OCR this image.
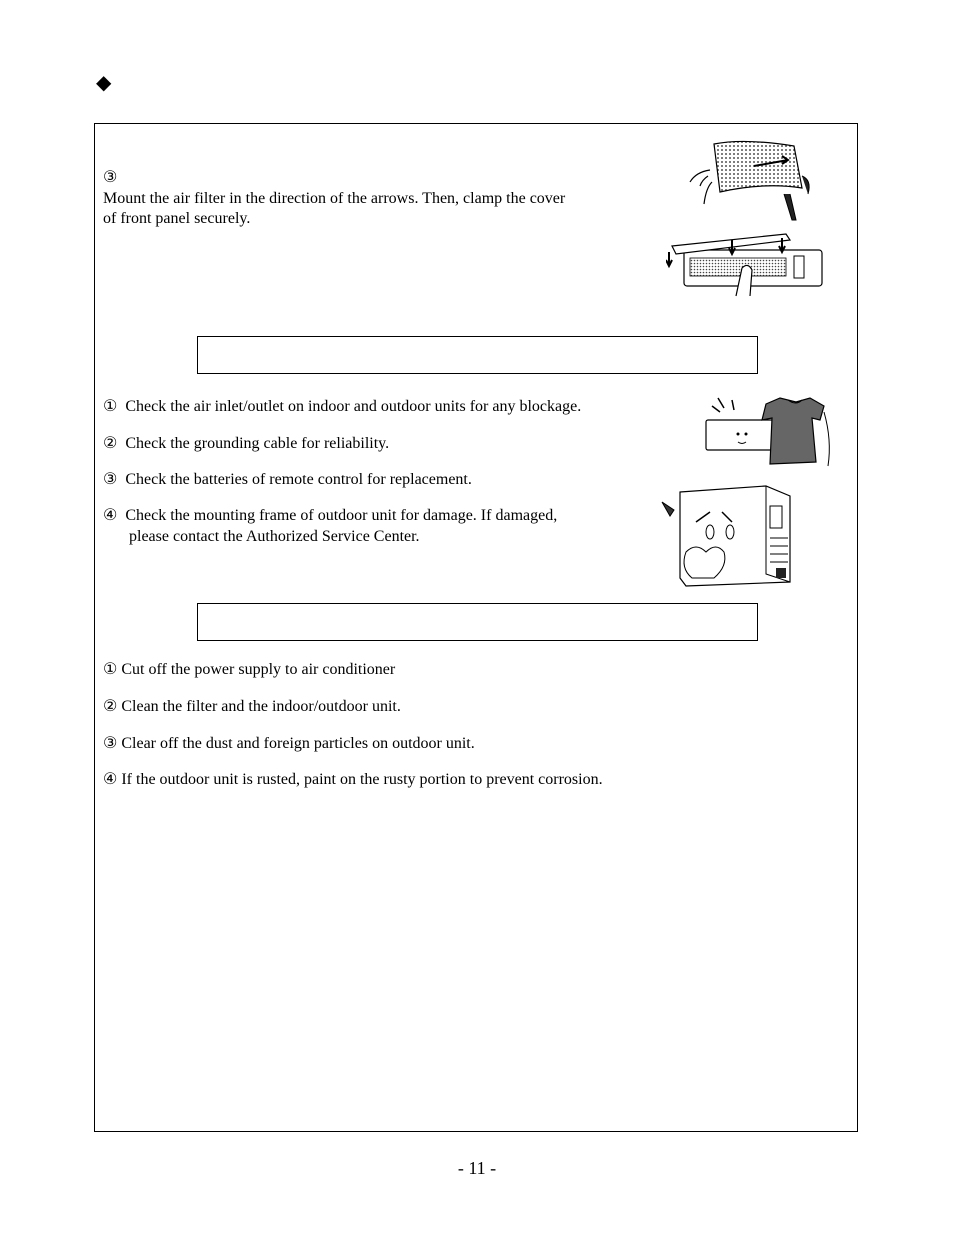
◆
③
Mount the air filter in the direction of the arrows. Then, clamp the cover
of front panel securely.
① Check the air inlet/outlet on indoor and outdoor units for any blockage.
② Check the grounding cable for reliability.
③ Check the batteries of remote control for replacement.
④ Check the mounting frame of outdoor unit for damage. If damaged,
please contact the Authorized Service Center.
① Cut off the power supply to air conditioner
② Clean the filter and the indoor/outdoor unit.
③ Clear off the dust and foreign particles on outdoor unit.
④ If the outdoor unit is rusted, paint on the rusty portion to prevent corrosion.
- 11 -
